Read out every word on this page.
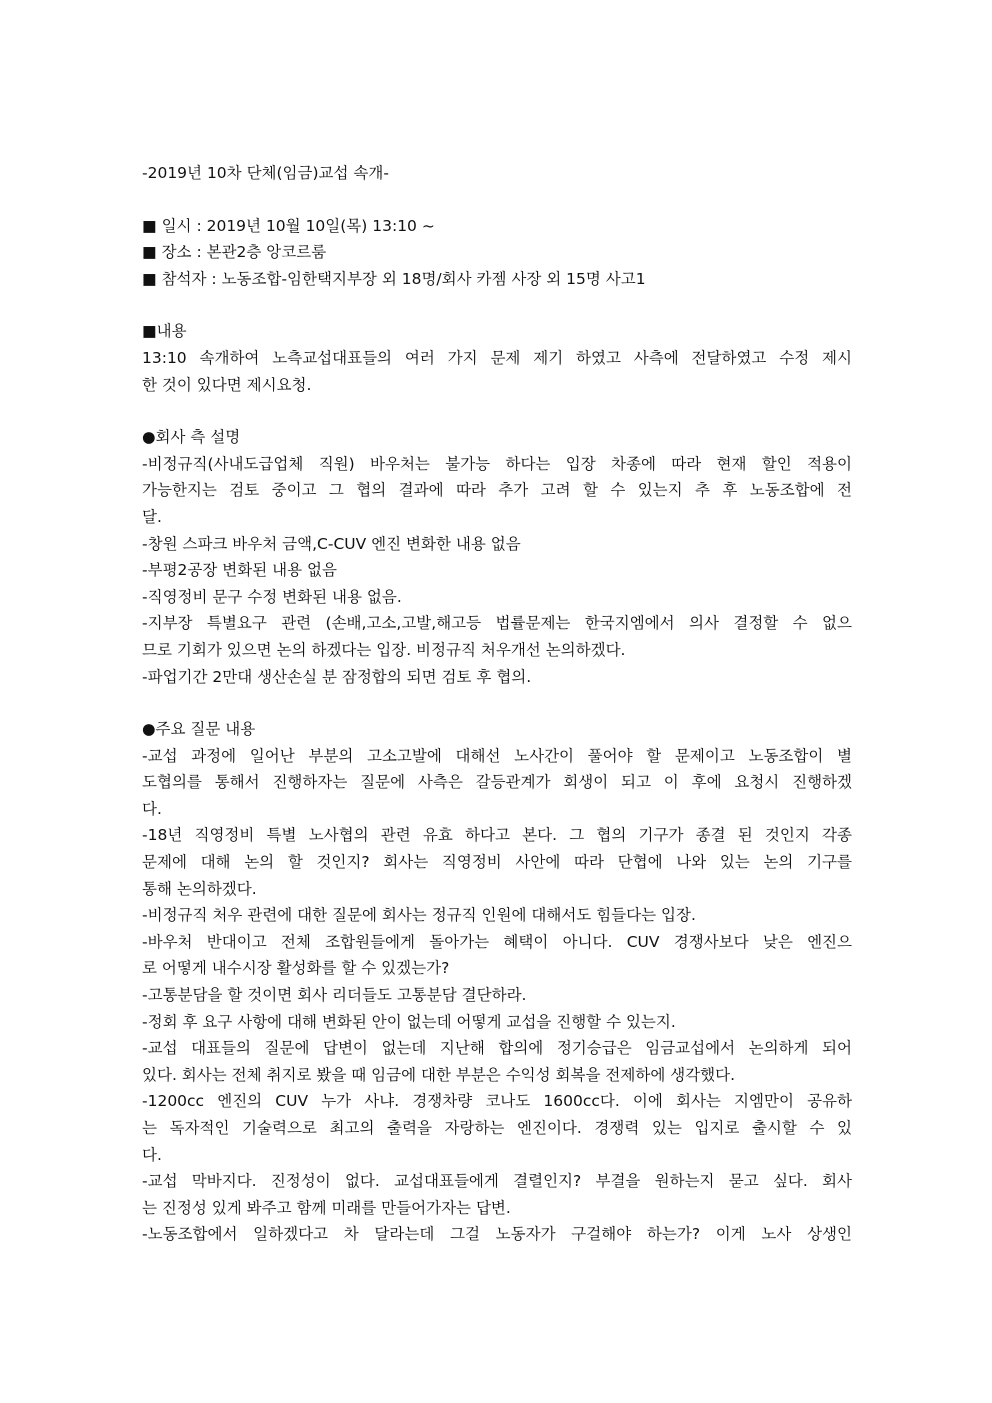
-2019년 10차 단체(임금)교섭 속개-
■ 일시 : 2019년 10월 10일(목) 13:10 ~
■ 장소 : 본관2층 앙코르룸
■ 참석자 : 노동조합-임한택지부장 외 18명/회사 카젬 사장 외 15명 사고1
■내용
13:10 속개하여 노측교섭대표들의 여러 가지 문제 제기 하였고 사측에 전달하였고 수정 제시
한 것이 있다면 제시요청.
●회사 측 설명
-비정규직(사내도급업체 직원) 바우처는 불가능 하다는 입장 차종에 따라 현재 할인 적용이
가능한지는 검토 중이고 그 협의 결과에 따라 추가 고려 할 수 있는지 추 후 노동조합에 전
달.
-창원 스파크 바우처 금액,C-CUV 엔진 변화한 내용 없음
-부평2공장 변화된 내용 없음
-직영정비 문구 수정 변화된 내용 없음.
-지부장 특별요구 관련 (손배,고소,고발,해고등 법률문제는 한국지엠에서 의사 결정할 수 없으
므로 기회가 있으면 논의 하겠다는 입장. 비정규직 처우개선 논의하겠다.
-파업기간 2만대 생산손실 분 잠정합의 되면 검토 후 협의.
●주요 질문 내용
-교섭 과정에 일어난 부분의 고소고발에 대해선 노사간이 풀어야 할 문제이고 노동조합이 별
도협의를 통해서 진행하자는 질문에 사측은 갈등관계가 회생이 되고 이 후에 요청시 진행하겠
다.
-18년 직영정비 특별 노사협의 관련 유효 하다고 본다. 그 협의 기구가 종결 된 것인지 각종
문제에 대해 논의 할 것인지? 회사는 직영정비 사안에 따라 단협에 나와 있는 논의 기구를
통해 논의하겠다.
-비정규직 처우 관련에 대한 질문에 회사는 정규직 인원에 대해서도 힘들다는 입장.
-바우처 반대이고 전체 조합원들에게 돌아가는 혜택이 아니다. CUV 경쟁사보다 낮은 엔진으
로 어떻게 내수시장 활성화를 할 수 있겠는가?
-고통분담을 할 것이면 회사 리더들도 고통분담 결단하라.
-정회 후 요구 사항에 대해 변화된 안이 없는데 어떻게 교섭을 진행할 수 있는지.
-교섭 대표들의 질문에 답변이 없는데 지난해 합의에 정기승급은 임금교섭에서 논의하게 되어
있다. 회사는 전체 취지로 봤을 때 임금에 대한 부분은 수익성 회복을 전제하에 생각했다.
-1200cc 엔진의 CUV 누가 사냐. 경쟁차량 코나도 1600cc다. 이에 회사는 지엠만이 공유하
는 독자적인 기술력으로 최고의 출력을 자랑하는 엔진이다. 경쟁력 있는 입지로 출시할 수 있
다.
-교섭 막바지다. 진정성이 없다. 교섭대표들에게 결렬인지? 부결을 원하는지 묻고 싶다. 회사
는 진정성 있게 봐주고 함께 미래를 만들어가자는 답변.
-노동조합에서 일하겠다고 차 달라는데 그걸 노동자가 구걸해야 하는가? 이게 노사 상생인
